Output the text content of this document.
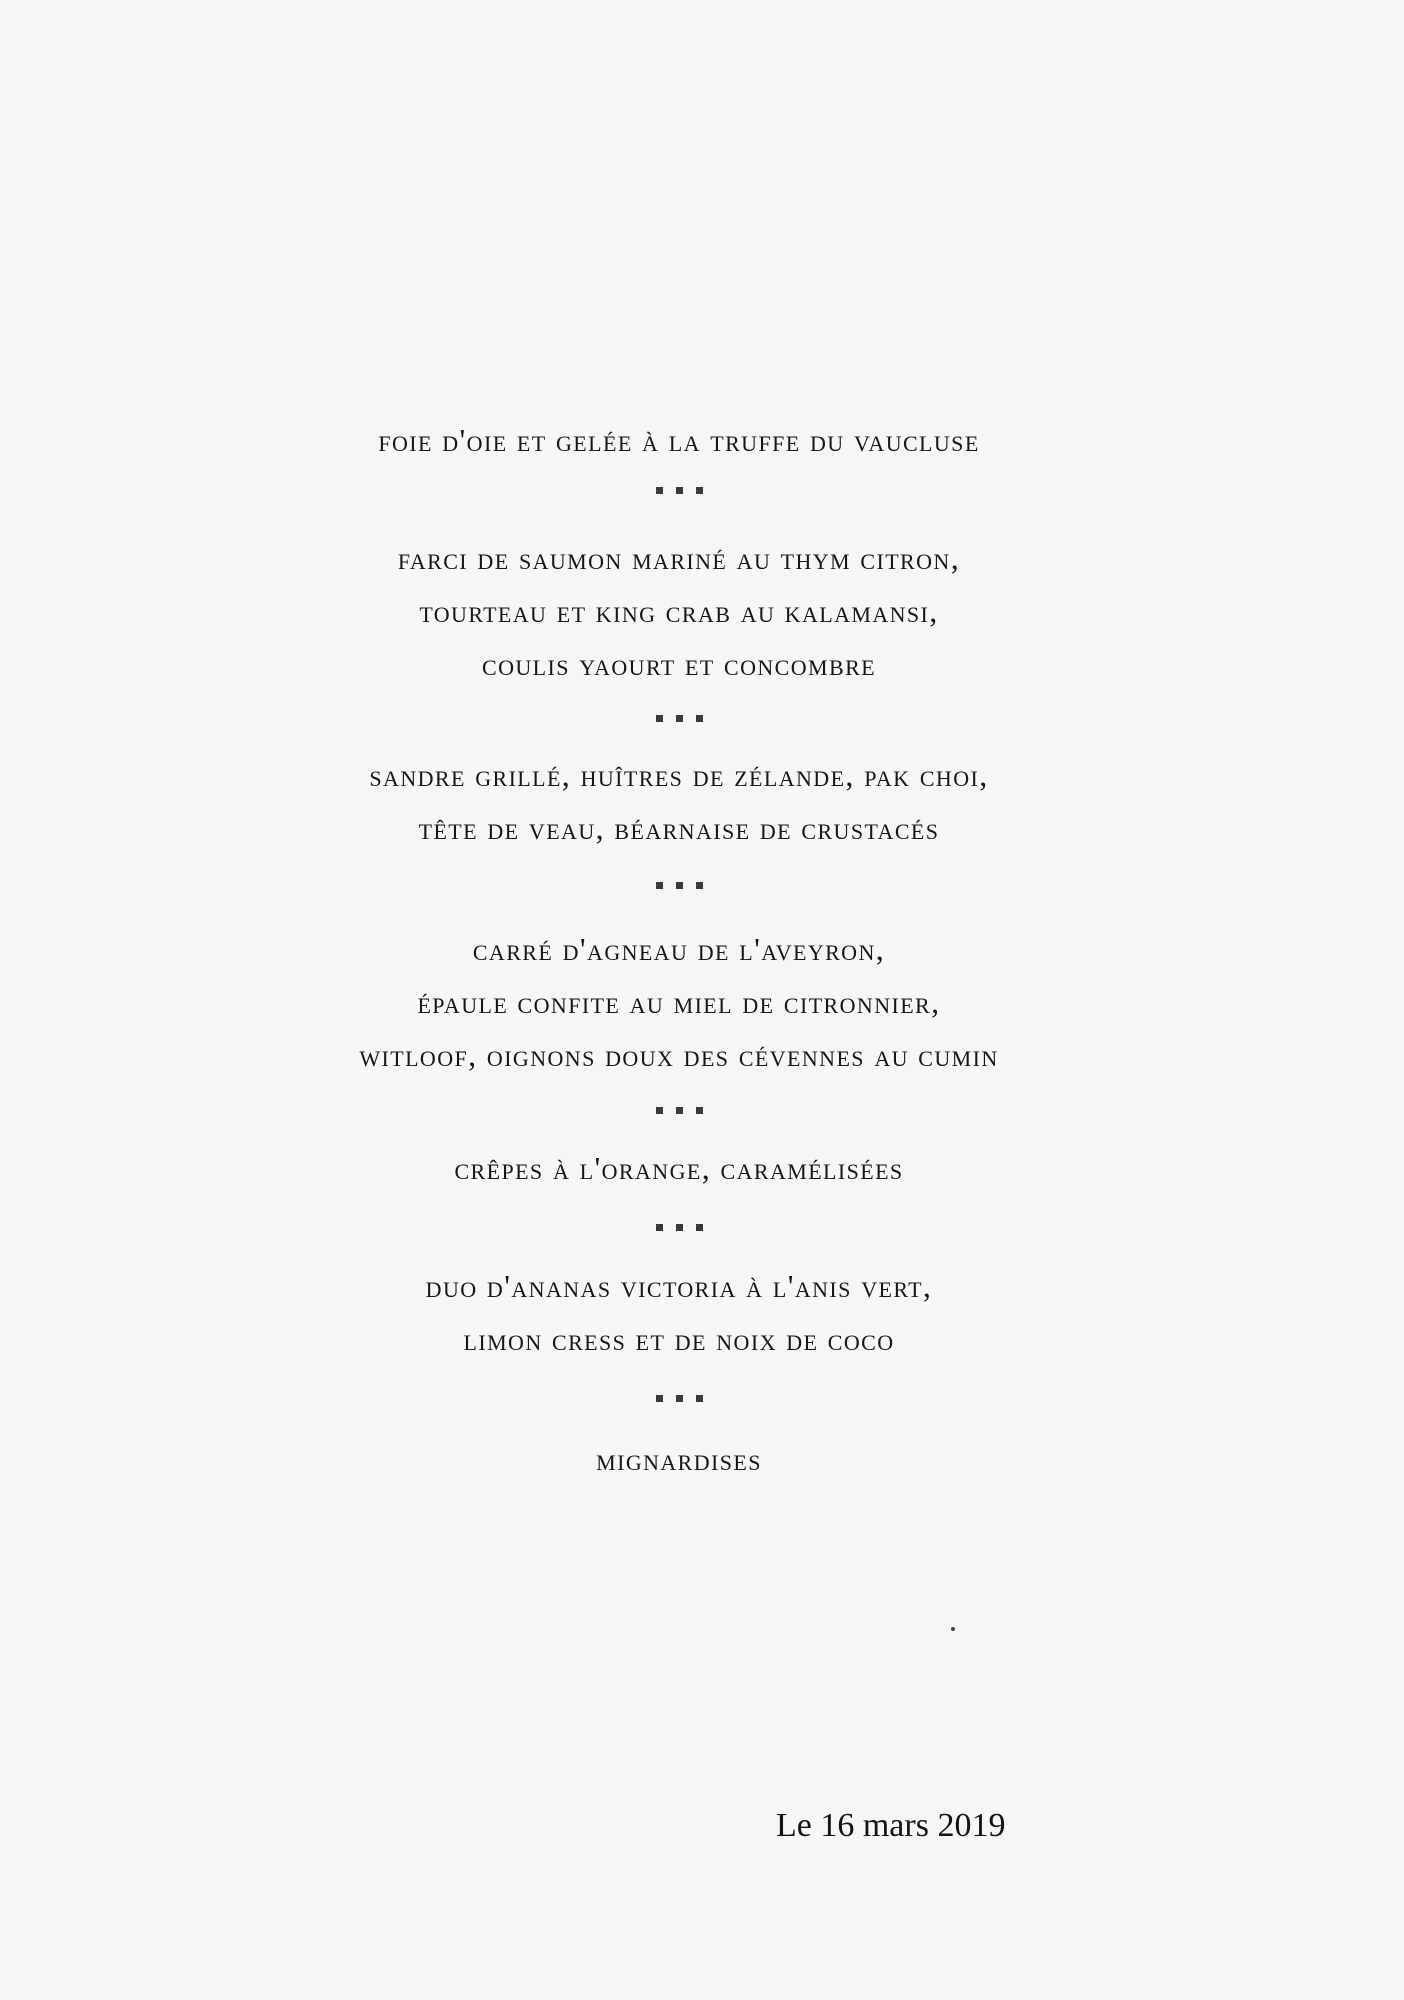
foie d'oie et gelée à la truffe du vaucluse
farci de saumon mariné au thym citron,
tourteau et king crab au kalamansi,
coulis yaourt et concombre
sandre grillé, huîtres de zélande, pak choi,
tête de veau, béarnaise de crustacés
carré d'agneau de l'aveyron,
épaule confite au miel de citronnier,
witloof, oignons doux des cévennes au cumin
crêpes à l'orange, caramélisées
duo d'ananas victoria à l'anis vert,
limon cress et de noix de coco
mignardises
Le 16 mars 2019
